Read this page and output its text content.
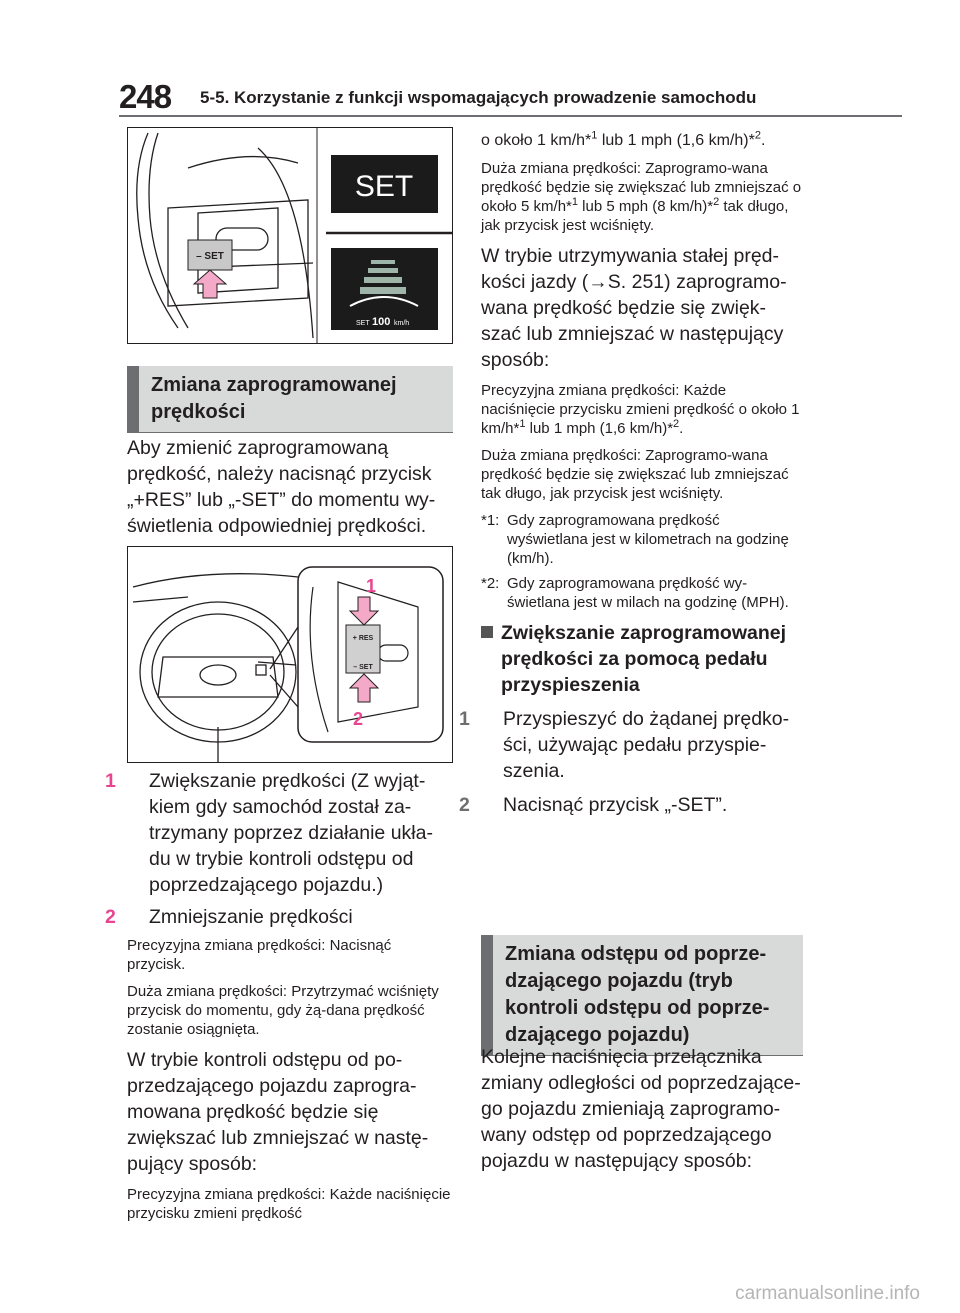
248 5-5. Korzystanie z funkcji wspomagających prowadzenie samochodu
– SET
SET
SET 100 km/h
Zmiana zaprogramowanej prędkości

Aby zmienić zaprogramowaną prędkość, należy nacisnąć przycisk „+RES” lub „-SET” do momentu wy-świetlenia odpowiedniej prędkości.

+ RES
– SET
1
2

1 Zwiększanie prędkości (Z wyjąt-kiem gdy samochód został za-trzymany poprzez działanie ukła-du w trybie kontroli odstępu od poprzedzającego pojazdu.)

2 Zmniejszanie prędkości

Precyzyjna zmiana prędkości: Nacisnąć przycisk.

Duża zmiana prędkości: Przytrzymać wciśnięty przycisk do momentu, gdy żą-dana prędkość zostanie osiągnięta.

W trybie kontroli odstępu od po-przedzającego pojazdu zaprogra-mowana prędkość będzie się zwiększać lub zmniejszać w nastę-pujący sposób:

Precyzyjna zmiana prędkości: Każde naciśnięcie przycisku zmieni prędkość

o około 1 km/h*$^1$ lub 1 mph (1,6 km/h)*$^2$.

Duża zmiana prędkości: Zaprogramo-wana prędkość będzie się zwiększać lub zmniejszać o około 5 km/h*$^1$ lub 5 mph (8 km/h)*$^2$ tak długo, jak przycisk jest wciśnięty.

W trybie utrzymywania stałej pręd-kości jazdy (→S. 251) zaprogramo-wana prędkość będzie się zwięk-szać lub zmniejszać w następujący sposób:

Precyzyjna zmiana prędkości: Każde naciśnięcie przycisku zmieni prędkość o około 1 km/h*$^1$ lub 1 mph (1,6 km/h)*$^2$.

Duża zmiana prędkości: Zaprogramo-wana prędkość będzie się zwiększać lub zmniejszać tak długo, jak przycisk jest wciśnięty.

*1: Gdy zaprogramowana prędkość wyświetlana jest w kilometrach na godzinę (km/h).

*2: Gdy zaprogramowana prędkość wy-świetlana jest w milach na godzinę (MPH).

Zwiększanie zaprogramowanej prędkości za pomocą pedału przyspieszenia

1 Przyspieszyć do żądanej prędko-ści, używając pedału przyspie-szenia.

2 Nacisnąć przycisk „-SET”.

Zmiana odstępu od poprze-dzającego pojazdu (tryb kontroli odstępu od poprze-dzającego pojazdu)

Kolejne naciśnięcia przełącznika zmiany odległości od poprzedzające-go pojazdu zmieniają zaprogramo-wany odstęp od poprzedzającego pojazdu w następujący sposób:

carmanualsonline.info
